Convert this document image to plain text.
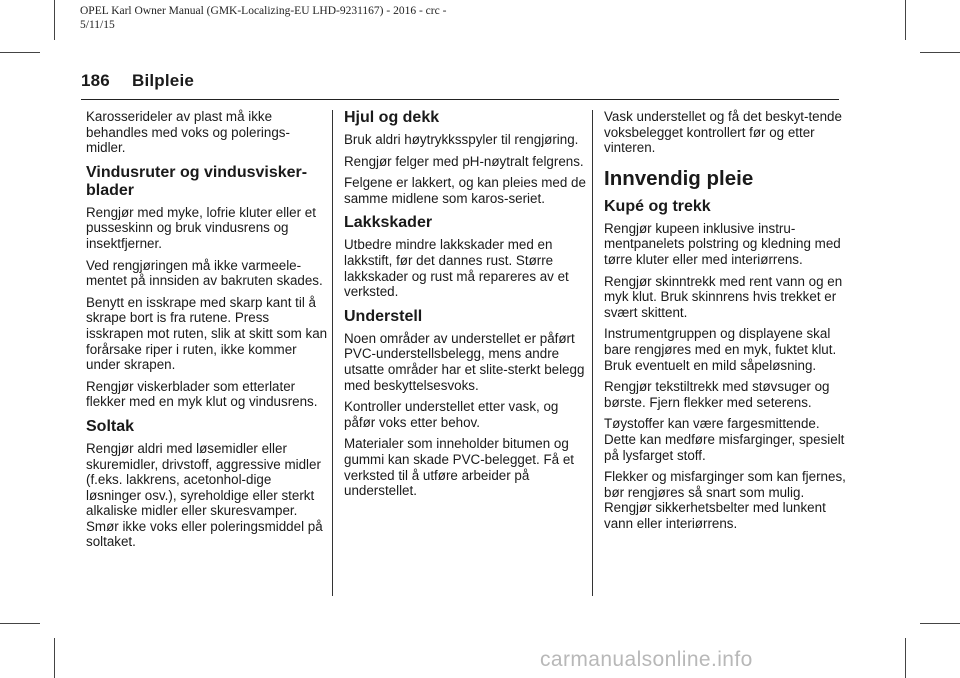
OPEL Karl Owner Manual (GMK-Localizing-EU LHD-9231167) - 2016 - crc -
5/11/15
186 Bilpleie

Karosserideler av plast må ikke behandles med voks og polerings-midler.

Vindusruter og vindusvisker-blader

Rengjør med myke, lofrie kluter eller et pusseskinn og bruk vindusrens og insektfjerner.

Ved rengjøringen må ikke varmeele-mentet på innsiden av bakruten skades.

Benytt en isskrape med skarp kant til å skrape bort is fra rutene. Press isskrapen mot ruten, slik at skitt som kan forårsake riper i ruten, ikke kommer under skrapen.

Rengjør viskerblader som etterlater flekker med en myk klut og vindusrens.

Soltak

Rengjør aldri med løsemidler eller skuremidler, drivstoff, aggressive midler (f.eks. lakkrens, acetonhol-dige løsninger osv.), syreholdige eller sterkt alkaliske midler eller skuresvamper. Smør ikke voks eller poleringsmiddel på soltaket.

Hjul og dekk

Bruk aldri høytrykksspyler til rengjøring.

Rengjør felger med pH-nøytralt felgrens.

Felgene er lakkert, og kan pleies med de samme midlene som karos-seriet.

Lakkskader

Utbedre mindre lakkskader med en lakkstift, før det dannes rust. Større lakkskader og rust må repareres av et verksted.

Understell

Noen områder av understellet er påført PVC-understellsbelegg, mens andre utsatte områder har et slite-sterkt belegg med beskyttelsesvoks.

Kontroller understellet etter vask, og påfør voks etter behov.

Materialer som inneholder bitumen og gummi kan skade PVC-belegget. Få et verksted til å utføre arbeider på understellet.

Vask understellet og få det beskyt-tende voksbelegget kontrollert før og etter vinteren.

Innvendig pleie
Kupé og trekk

Rengjør kupeen inklusive instru-mentpanelets polstring og kledning med tørre kluter eller med interiørrens.

Rengjør skinntrekk med rent vann og en myk klut. Bruk skinnrens hvis trekket er svært skittent.

Instrumentgruppen og displayene skal bare rengjøres med en myk, fuktet klut. Bruk eventuelt en mild såpeløsning.

Rengjør tekstiltrekk med støvsuger og børste. Fjern flekker med seterens.

Tøystoffer kan være fargesmittende. Dette kan medføre misfarginger, spesielt på lysfarget stoff.

Flekker og misfarginger som kan fjernes, bør rengjøres så snart som mulig. Rengjør sikkerhetsbelter med lunkent vann eller interiørrens.

carmanualsonline.info
